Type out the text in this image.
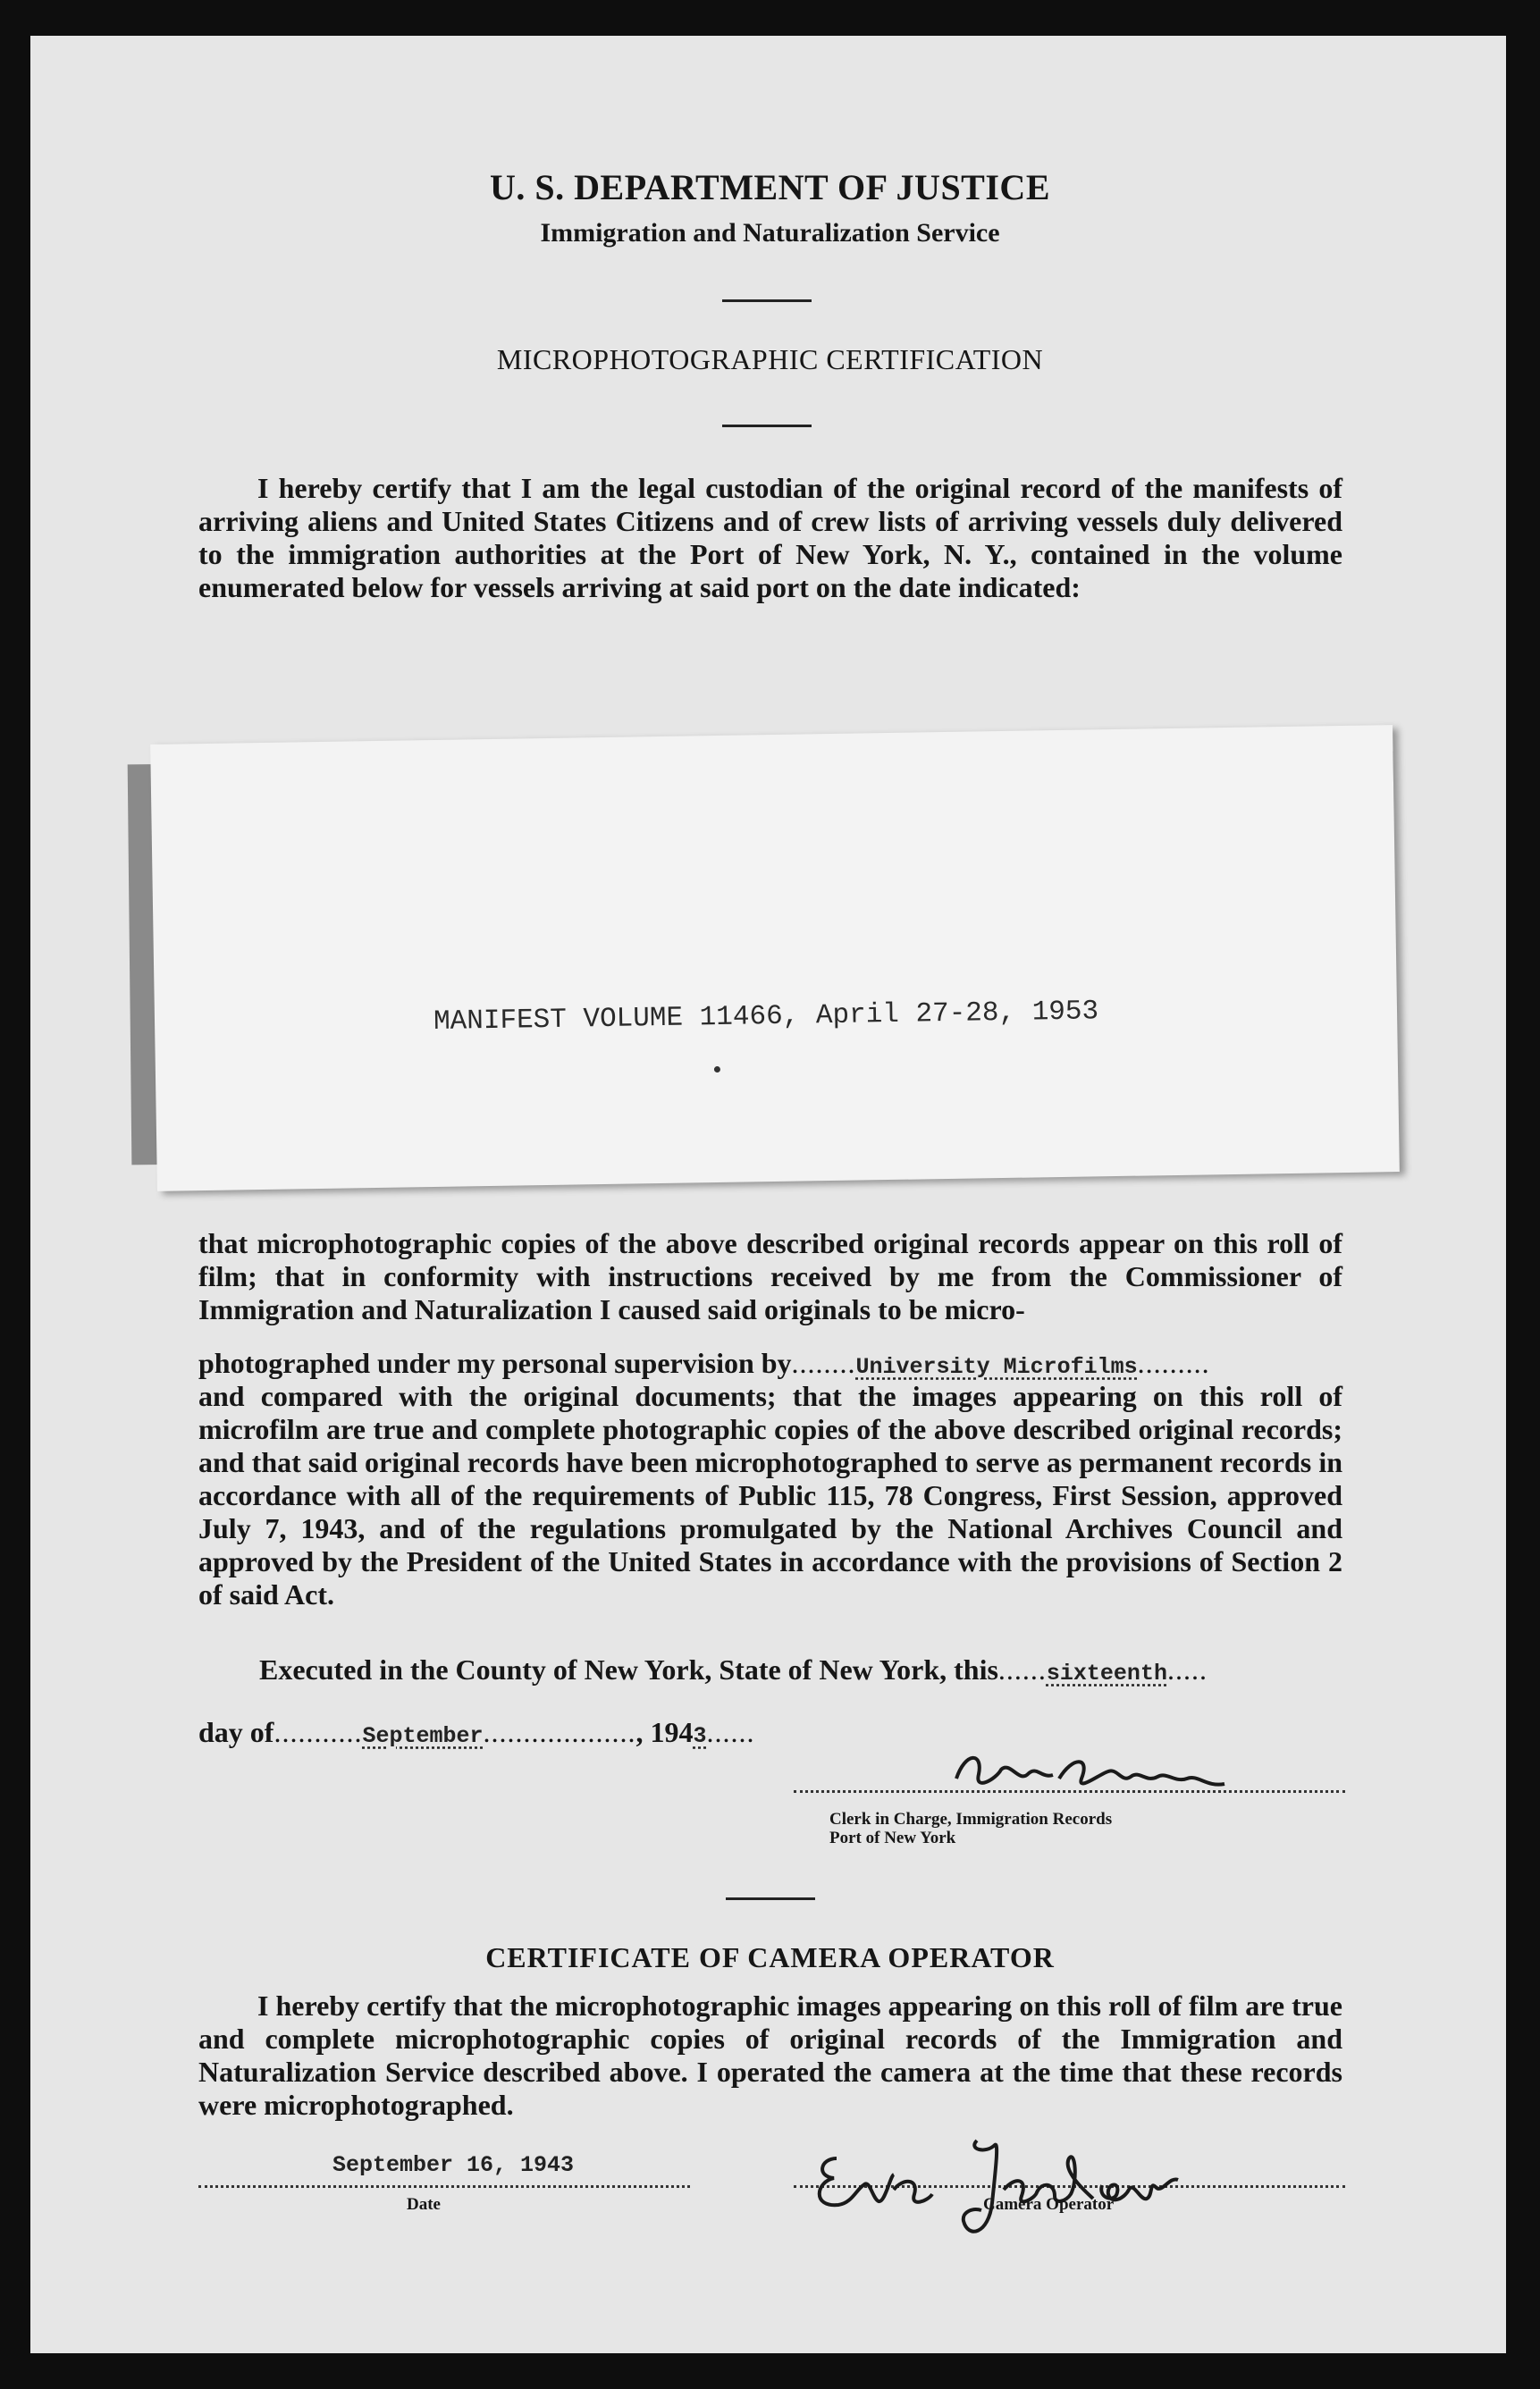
U. S. DEPARTMENT OF JUSTICE
Immigration and Naturalization Service
MICROPHOTOGRAPHIC CERTIFICATION
I hereby certify that I am the legal custodian of the original record of the manifests of arriving aliens and United States Citizens and of crew lists of arriving vessels duly delivered to the immigration authorities at the Port of New York, N. Y., contained in the volume enumerated below for vessels arriving at said port on the date indicated:
MANIFEST VOLUME 11466, April 27-28, 1953
that microphotographic copies of the above described original records appear on this roll of film; that in conformity with instructions received by me from the Commissioner of Immigration and Naturalization I caused said originals to be micro-
photographed under my personal supervision by........University Microfilms.........
and compared with the original documents; that the images appearing on this roll of microfilm are true and complete photographic copies of the above described original records; and that said original records have been microphotographed to serve as permanent records in accordance with all of the requirements of Public 115, 78 Congress, First Session, approved July 7, 1943, and of the regulations promulgated by the National Archives Council and approved by the President of the United States in accordance with the provisions of Section 2 of said Act.
Executed in the County of New York, State of New York, this......sixteenth.....
day of...........September..................., 1943......
Clerk in Charge, Immigration Records
Port of New York
CERTIFICATE OF CAMERA OPERATOR
I hereby certify that the microphotographic images appearing on this roll of film are true and complete microphotographic copies of original records of the Immigration and Naturalization Service described above. I operated the camera at the time that these records were microphotographed.
September 16, 1943
Date	Camera Operator
